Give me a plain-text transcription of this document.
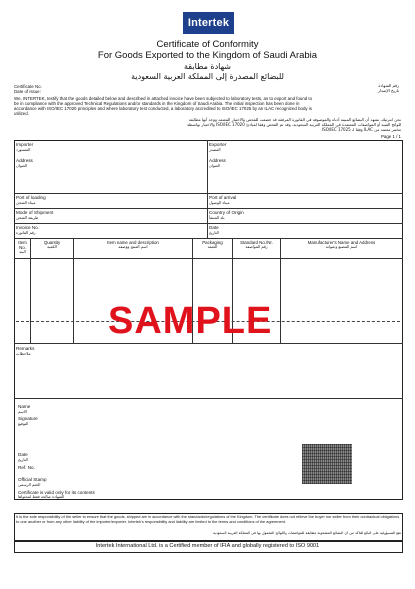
Intertek
Certificate of Conformity
For Goods Exported to the Kingdom of Saudi Arabia
شهادة مطابقة
للبضائع المصدرة إلى المملكة العربية السعودية
Certificate No.
Date of issue:
رقم الشهادة
تاريخ الإصدار
We, INTERTEK, testify that the goods detailed below and described in attached invoice have been subjected to laboratory tests, as to export and found to
be in compliance with the approved Technical Regulations and/or standards in the Kingdom of Saudi Arabia. The initial inspection has been done in
accordance with ISO/IEC 17020 principles and where laboratory test conducted, a laboratory accredited to ISO/IEC 17025 by an ILAC recognized body is
utilized.
نحن انترتيك، نشهد أن البضائع المبينة أدناه والموصوفة في الفاتورة المرفقة قد خضعت للفحص والاختبار المعتمد ووجد أنها مطابقة
للوائح الفنية أو المواصفات المعتمدة في المملكة العربية السعودية، وقد تم الفحص وفقا لمبادئ ISO/IEC 17020 والاختبار بواسطة
مختبر معتمد من ILAC وفقا لـ ISO/IEC 17025
Page 1 / 1
Importer
المستورد
Address
العنوان
Exporter
المصدر
Address
العنوان
Port of loading
ميناء الشحن
Port of arrival
ميناء الوصول
Mode of Shipment
طريقة الشحن
Country of Origin
بلد المنشأ
Invoice No.
رقم الفاتورة
Date
التاريخ
Item No.
البند
Quantity
الكمية
Item name and description
اسم المنتج ووصفه
Packaging
التعبئة
Standard No./Nr.
رقم المواصفة
Manufacturer's Name and Address
اسم المصنع وعنوانه
SAMPLE
Remarks
ملاحظات
Name
الاسم
Signature
التوقيع
Date
التاريخ
Ref. No.
Official Stamp
الختم الرسمي
Certificate is valid only for its contents
الشهادة صالحة فقط لمحتواها
It is the sole responsibility of the seller to ensure that the goods, shipped are in accordance with the standards/regulations of the Kingdom. The certificate does not relieve the buyer nor seller from their contractual obligations to one another or from any other liability of the importer/exporter. Intertek's responsibility and liability are limited to the terms and conditions of the agreement.
تقع المسؤولية على البائع للتأكد من أن البضائع المشحونة مطابقة للمواصفات واللوائح المعمول بها في المملكة العربية السعودية
Intertek International Ltd. is a Certified member of IFIA and globally registered to ISO 9001
